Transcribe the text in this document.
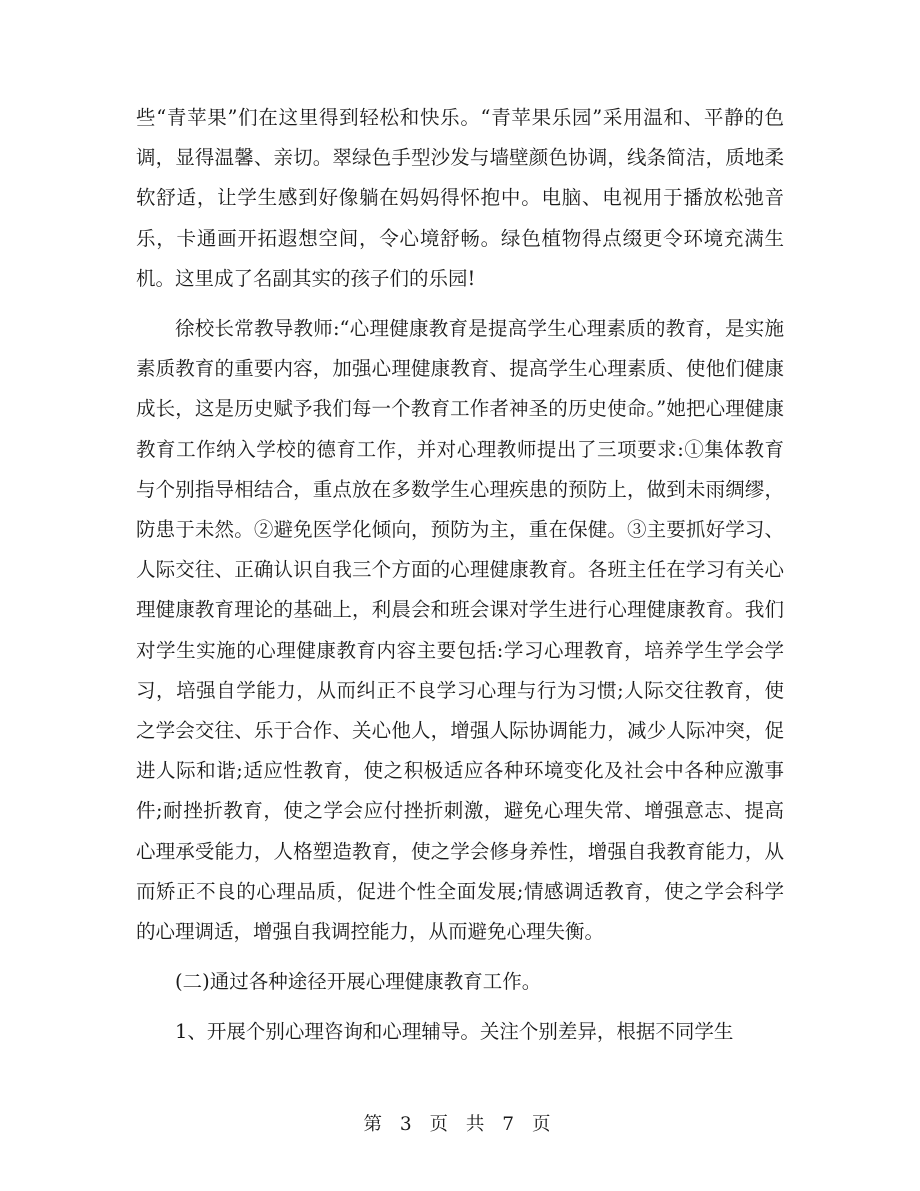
些“青苹果”们在这里得到轻松和快乐。“青苹果乐园”采用温和、平静的色调，显得温馨、亲切。翠绿色手型沙发与墙壁颜色协调，线条简洁，质地柔软舒适，让学生感到好像躺在妈妈得怀抱中。电脑、电视用于播放松弛音乐，卡通画开拓遐想空间，令心境舒畅。绿色植物得点缀更令环境充满生机。这里成了名副其实的孩子们的乐园!

徐校长常教导教师:“心理健康教育是提高学生心理素质的教育，是实施素质教育的重要内容，加强心理健康教育、提高学生心理素质、使他们健康成长，这是历史赋予我们每一个教育工作者神圣的历史使命。”她把心理健康教育工作纳入学校的德育工作，并对心理教师提出了三项要求:①集体教育与个别指导相结合，重点放在多数学生心理疾患的预防上，做到未雨绸缪，防患于未然。②避免医学化倾向，预防为主，重在保健。③主要抓好学习、人际交往、正确认识自我三个方面的心理健康教育。各班主任在学习有关心理健康教育理论的基础上，利晨会和班会课对学生进行心理健康教育。我们对学生实施的心理健康教育内容主要包括:学习心理教育，培养学生学会学习，培强自学能力，从而纠正不良学习心理与行为习惯;人际交往教育，使之学会交往、乐于合作、关心他人，增强人际协调能力，减少人际冲突，促进人际和谐;适应性教育，使之积极适应各种环境变化及社会中各种应激事件;耐挫折教育，使之学会应付挫折刺激，避免心理失常、增强意志、提高心理承受能力，人格塑造教育，使之学会修身养性，增强自我教育能力，从而矫正不良的心理品质，促进个性全面发展;情感调适教育，使之学会科学的心理调适，增强自我调控能力，从而避免心理失衡。

(二)通过各种途径开展心理健康教育工作。

1、开展个别心理咨询和心理辅导。关注个别差异，根据不同学生

第 3 页 共 7 页
